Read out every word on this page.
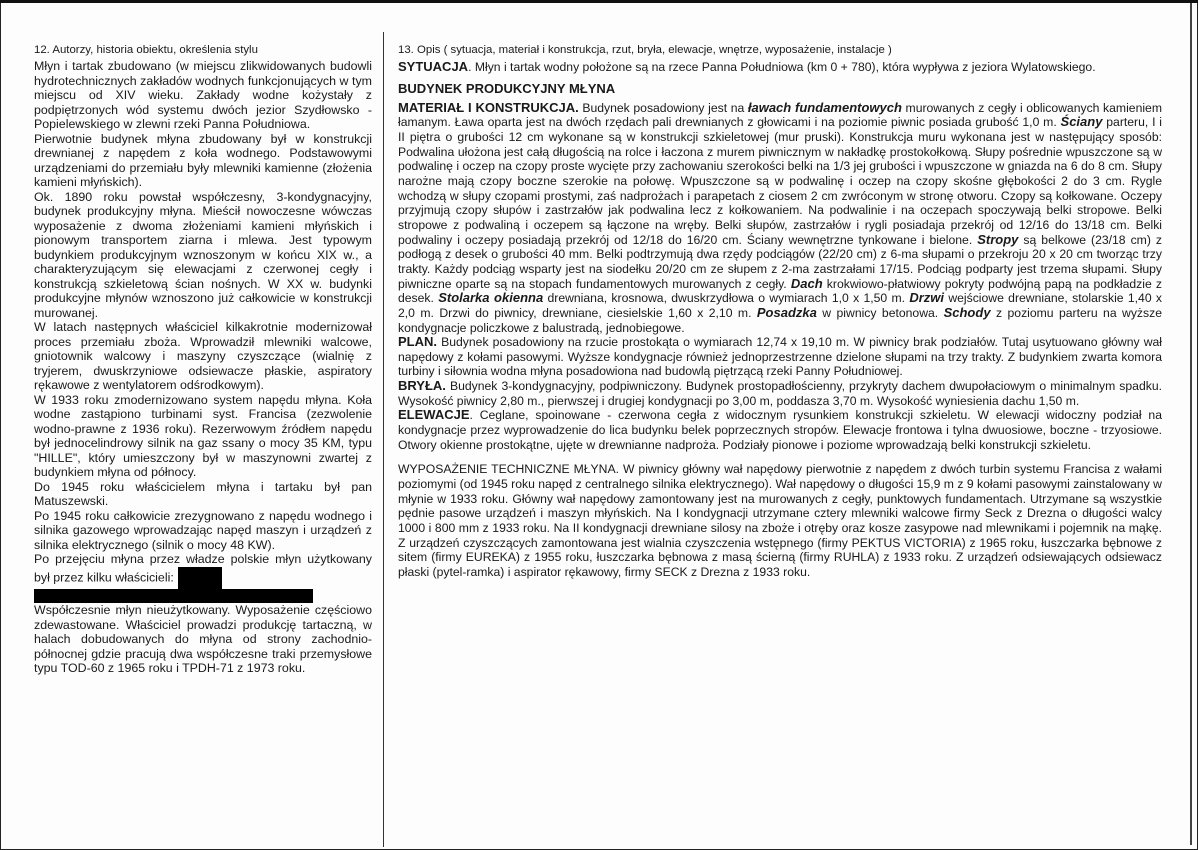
12. Autorzy, historia obiektu, określenia stylu

Młyn i tartak zbudowano (w miejscu zlikwidowanych budowli hydrotechnicznych zakładów wodnych funkcjonujących w tym miejscu od XIV wieku. Zakłady wodne kożystały z podpiętrzonych wód systemu dwóch jezior Szydłowsko - Popielewskiego w zlewni rzeki Panna Południowa.

Pierwotnie budynek młyna zbudowany był w konstrukcji drewnianej z napędem z koła wodnego. Podstawowymi urządzeniami do przemiału były mlewniki kamienne (złożenia kamieni młyńskich).

Ok. 1890 roku powstał współczesny, 3-kondygnacyjny, budynek produkcyjny młyna. Mieścił nowoczesne wówczas wyposażenie z dwoma złożeniami kamieni młyńskich i pionowym transportem ziarna i mlewa. Jest typowym budynkiem produkcyjnym wznoszonym w końcu XIX w., a charakteryzującym się elewacjami z czerwonej cegły i konstrukcją szkieletową ścian nośnych. W XX w. budynki produkcyjne młynów wznoszono już całkowicie w konstrukcji murowanej.

W latach następnych właściciel kilkakrotnie modernizował proces przemiału zboża. Wprowadził mlewniki walcowe, gniotownik walcowy i maszyny czyszczące (wialnię z tryjerem, dwuskrzyniowe odsiewacze płaskie, aspiratory rękawowe z wentylatorem odśrodkowym).

W 1933 roku zmodernizowano system napędu młyna. Koła wodne zastąpiono turbinami syst. Francisa (zezwolenie wodno-prawne z 1936 roku). Rezerwowym źródłem napędu był jednocelindrowy silnik na gaz ssany o mocy 35 KM, typu "HILLE", który umieszczony był w maszynowni zwartej z budynkiem młyna od północy.

Do 1945 roku właścicielem młyna i tartaku był pan Matuszewski.

Po 1945 roku całkowicie zrezygnowano z napędu wodnego i silnika gazowego wprowadzając napęd maszyn i urządzeń z silnika elektrycznego (silnik o mocy 48 KW).

Po przejęciu młyna przez władze polskie młyn użytkowany był przez kilku właścicieli:
Współczesnie młyn nieużytkowany. Wyposażenie częściowo zdewastowane. Właściciel prowadzi produkcję tartaczną, w halach dobudowanych do młyna od strony zachodnio-północnej gdzie pracują dwa współczesne traki przemysłowe typu TOD-60 z 1965 roku i TPDH-71 z 1973 roku.

13. Opis ( sytuacja, materiał i konstrukcja, rzut, bryła, elewacje, wnętrze, wyposażenie, instalacje )

SYTUACJA. Młyn i tartak wodny położone są na rzece Panna Południowa (km 0 + 780), która wypływa z jeziora Wylatowskiego.

BUDYNEK PRODUKCYJNY MŁYNA

MATERIAŁ I KONSTRUKCJA. Budynek posadowiony jest na ławach fundamentowych murowanych z cegły i oblicowanych kamieniem łamanym. Ława oparta jest na dwóch rzędach pali drewnianych z głowicami i na poziomie piwnic posiada grubość 1,0 m. Ściany parteru, I i II piętra o grubości 12 cm wykonane są w konstrukcji szkieletowej (mur pruski). Konstrukcja muru wykonana jest w następujący sposób: Podwalina ułożona jest całą długością na rolce i łaczona z murem piwnicznym w nakładkę prostokołkową. Słupy pośrednie wpuszczone są w podwalinę i oczep na czopy proste wycięte przy zachowaniu szerokości belki na 1/3 jej grubości i wpuszczone w gniazda na 6 do 8 cm. Słupy narożne mają czopy boczne szerokie na połowę. Wpuszczone są w podwalinę i oczep na czopy skośne głębokości 2 do 3 cm. Rygle wchodzą w słupy czopami prostymi, zaś nadprożach i parapetach z ciosem 2 cm zwróconym w stronę otworu. Czopy są kołkowane. Oczepy przyjmują czopy słupów i zastrzałów jak podwalina lecz z kołkowaniem. Na podwalinie i na oczepach spoczywają belki stropowe. Belki stropowe z podwaliną i oczepem są łączone na wręby. Belki słupów, zastrzałów i rygli posiadaja przekrój od 12/16 do 13/18 cm. Belki podwaliny i oczepy posiadają przekrój od 12/18 do 16/20 cm. Ściany wewnętrzne tynkowane i bielone. Stropy są belkowe (23/18 cm) z podłogą z desek o grubości 40 mm. Belki podtrzymują dwa rzędy podciągów (22/20 cm) z 6-ma słupami o przekroju 20 x 20 cm tworząc trzy trakty. Każdy podciąg wsparty jest na siodełku 20/20 cm ze słupem z 2-ma zastrzałami 17/15. Podciąg podparty jest trzema słupami. Słupy piwniczne oparte są na stopach fundamentowych murowanych z cegły. Dach krokwiowo-płatwiowy pokryty podwójną papą na podkładzie z desek. Stolarka okienna drewniana, krosnowa, dwuskrzydłowa o wymiarach 1,0 x 1,50 m. Drzwi wejściowe drewniane, stolarskie 1,40 x 2,0 m. Drzwi do piwnicy, drewniane, ciesielskie 1,60 x 2,10 m. Posadzka w piwnicy betonowa. Schody z poziomu parteru na wyższe kondygnacje policzkowe z balustradą, jednobiegowe.

PLAN. Budynek posadowiony na rzucie prostokąta o wymiarach 12,74 x 19,10 m. W piwnicy brak podziałów. Tutaj usytuowano główny wał napędowy z kołami pasowymi. Wyższe kondygnacje również jednoprzestrzenne dzielone słupami na trzy trakty. Z budynkiem zwarta komora turbiny i siłownia wodna młyna posadowiona nad budowlą piętrzącą rzeki Panny Południowej.

BRYŁA. Budynek 3-kondygnacyjny, podpiwniczony. Budynek prostopadłościenny, przykryty dachem dwupołaciowym o minimalnym spadku. Wysokość piwnicy 2,80 m., pierwszej i drugiej kondygnacji po 3,00 m, poddasza 3,70 m. Wysokość wyniesienia dachu 1,50 m.

ELEWACJE. Ceglane, spoinowane - czerwona cegła z widocznym rysunkiem konstrukcji szkieletu. W elewacji widoczny podział na kondygnacje przez wyprowadzenie do lica budynku belek poprzecznych stropów. Elewacje frontowa i tylna dwuosiowe, boczne - trzyosiowe. Otwory okienne prostokątne, ujęte w drewnianne nadproża. Podziały pionowe i poziome wprowadzają belki konstrukcji szkieletu.

WYPOSAŻENIE TECHNICZNE MŁYNA. W piwnicy główny wał napędowy pierwotnie z napędem z dwóch turbin systemu Francisa z wałami poziomymi (od 1945 roku napęd z centralnego silnika elektrycznego). Wał napędowy o długości 15,9 m z 9 kołami pasowymi zainstalowany w młynie w 1933 roku. Główny wał napędowy zamontowany jest na murowanych z cegły, punktowych fundamentach. Utrzymane są wszystkie pędnie pasowe urządzeń i maszyn młyńskich. Na I kondygnacji utrzymane cztery mlewniki walcowe firmy Seck z Drezna o długości walcy 1000 i 800 mm z 1933 roku. Na II kondygnacji drewniane silosy na zboże i otręby oraz kosze zasypowe nad mlewnikami i pojemnik na mąkę. Z urządzeń czyszczących zamontowana jest wialnia czyszczenia wstępnego (firmy PEKTUS VICTORIA) z 1965 roku, łuszczarka bębnowe z sitem (firmy EUREKA) z 1955 roku, łuszczarka bębnowa z masą ścierną (firmy RUHLA) z 1933 roku. Z urządzeń odsiewających odsiewacz płaski (pytel-ramka) i aspirator rękawowy, firmy SECK z Drezna z 1933 roku.
